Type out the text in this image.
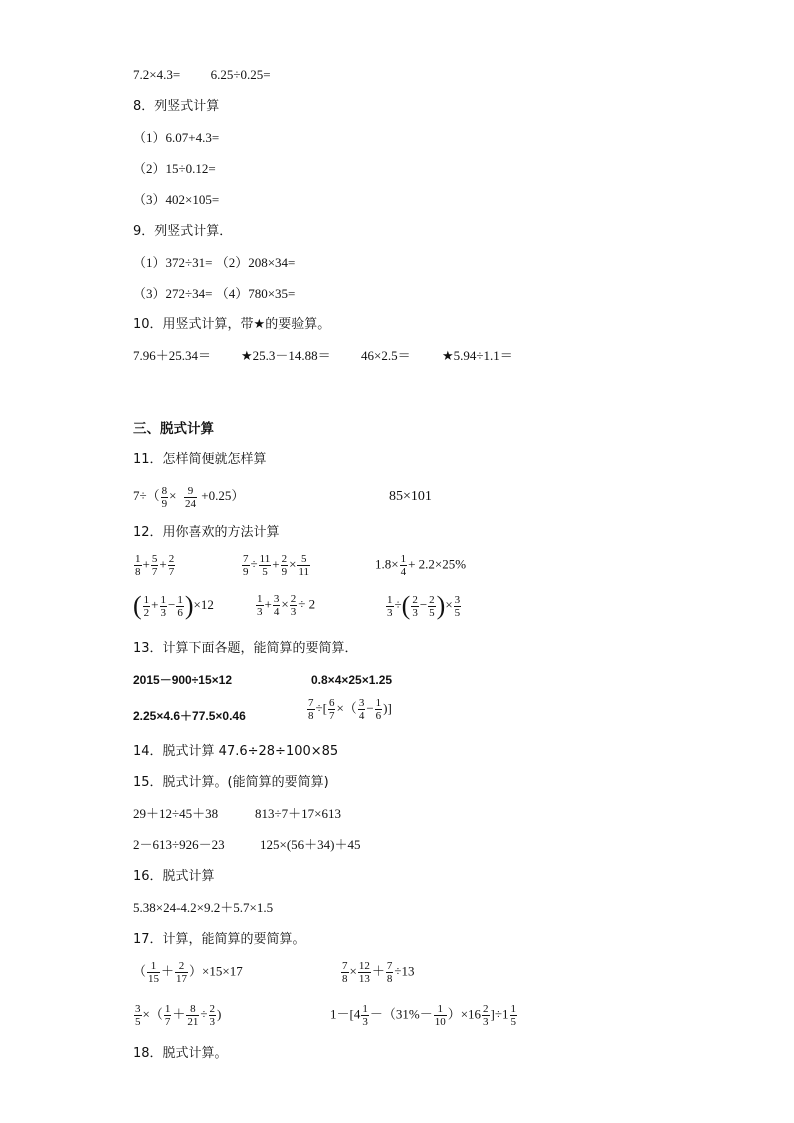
7.2×4.3= 6.25÷0.25=
8．列竖式计算
（1）6.07+4.3=
（2）15÷0.12=
（3）402×105=
9．列竖式计算．
（1）372÷31= （2）208×34=
（3）272÷34= （4）780×35=
10．用竖式计算，带★的要验算。
7.96＋25.34＝ ★25.3－14.88＝ 46×2.5＝ ★5.94÷1.1＝
三、脱式计算
11．怎样简便就怎样算
$7\div( \frac{8}{9} \times \frac{9}{24} +0.25)$	85×101
12．用你喜欢的方法计算
$\frac{1}{8} + \frac{5}{7} + \frac{2}{7}$	$\frac{7}{9} \div \frac{11}{5} + \frac{2}{9} \times \frac{5}{11}$	$1.8\times \frac{1}{4} + 2.2\times 25\%$
( $\frac{1}{2} + \frac{1}{3} - \frac{1}{6} )\times 12$	$\frac{1}{3} + \frac{3}{4} \times \frac{2}{3} \div 2$	$\frac{1}{3}$ ÷( $\frac{2}{3} - \frac{2}{5}$ )× $\frac{3}{5}$
13．计算下面各题，能简算的要简算．
2015－900÷15×12	0.8×4×25×1.25
2.25×4.6＋77.5×0.46	$\frac{7}{8}$ ÷[ $\frac{6}{7}$ ×（ $\frac{3}{4} - \frac{1}{6}$ )]
14．脱式计算 47.6÷28÷100×85
15．脱式计算。(能简算的要简算)
29＋12÷45＋38	813÷7＋17×613
2－613÷926－23	125×(56＋34)＋45
16．脱式计算
5.38×24-4.2×9.2＋5.7×1.5
17．计算，能简算的要简算。
（ $\frac{1}{15} + \frac{2}{17} )\times 15\times 17$	$\frac{7}{8} \times \frac{12}{13} + \frac{7}{8} \div 13$
$\frac{3}{5}$ ×（ $\frac{1}{7} + \frac{8}{21} \div \frac{2}{3}$ )	$1-[4 \frac{1}{3} -(31\%- \frac{1}{10} )\times 16 \frac{2}{3} ]\div 1 \frac{1}{5}$
18．脱式计算。
